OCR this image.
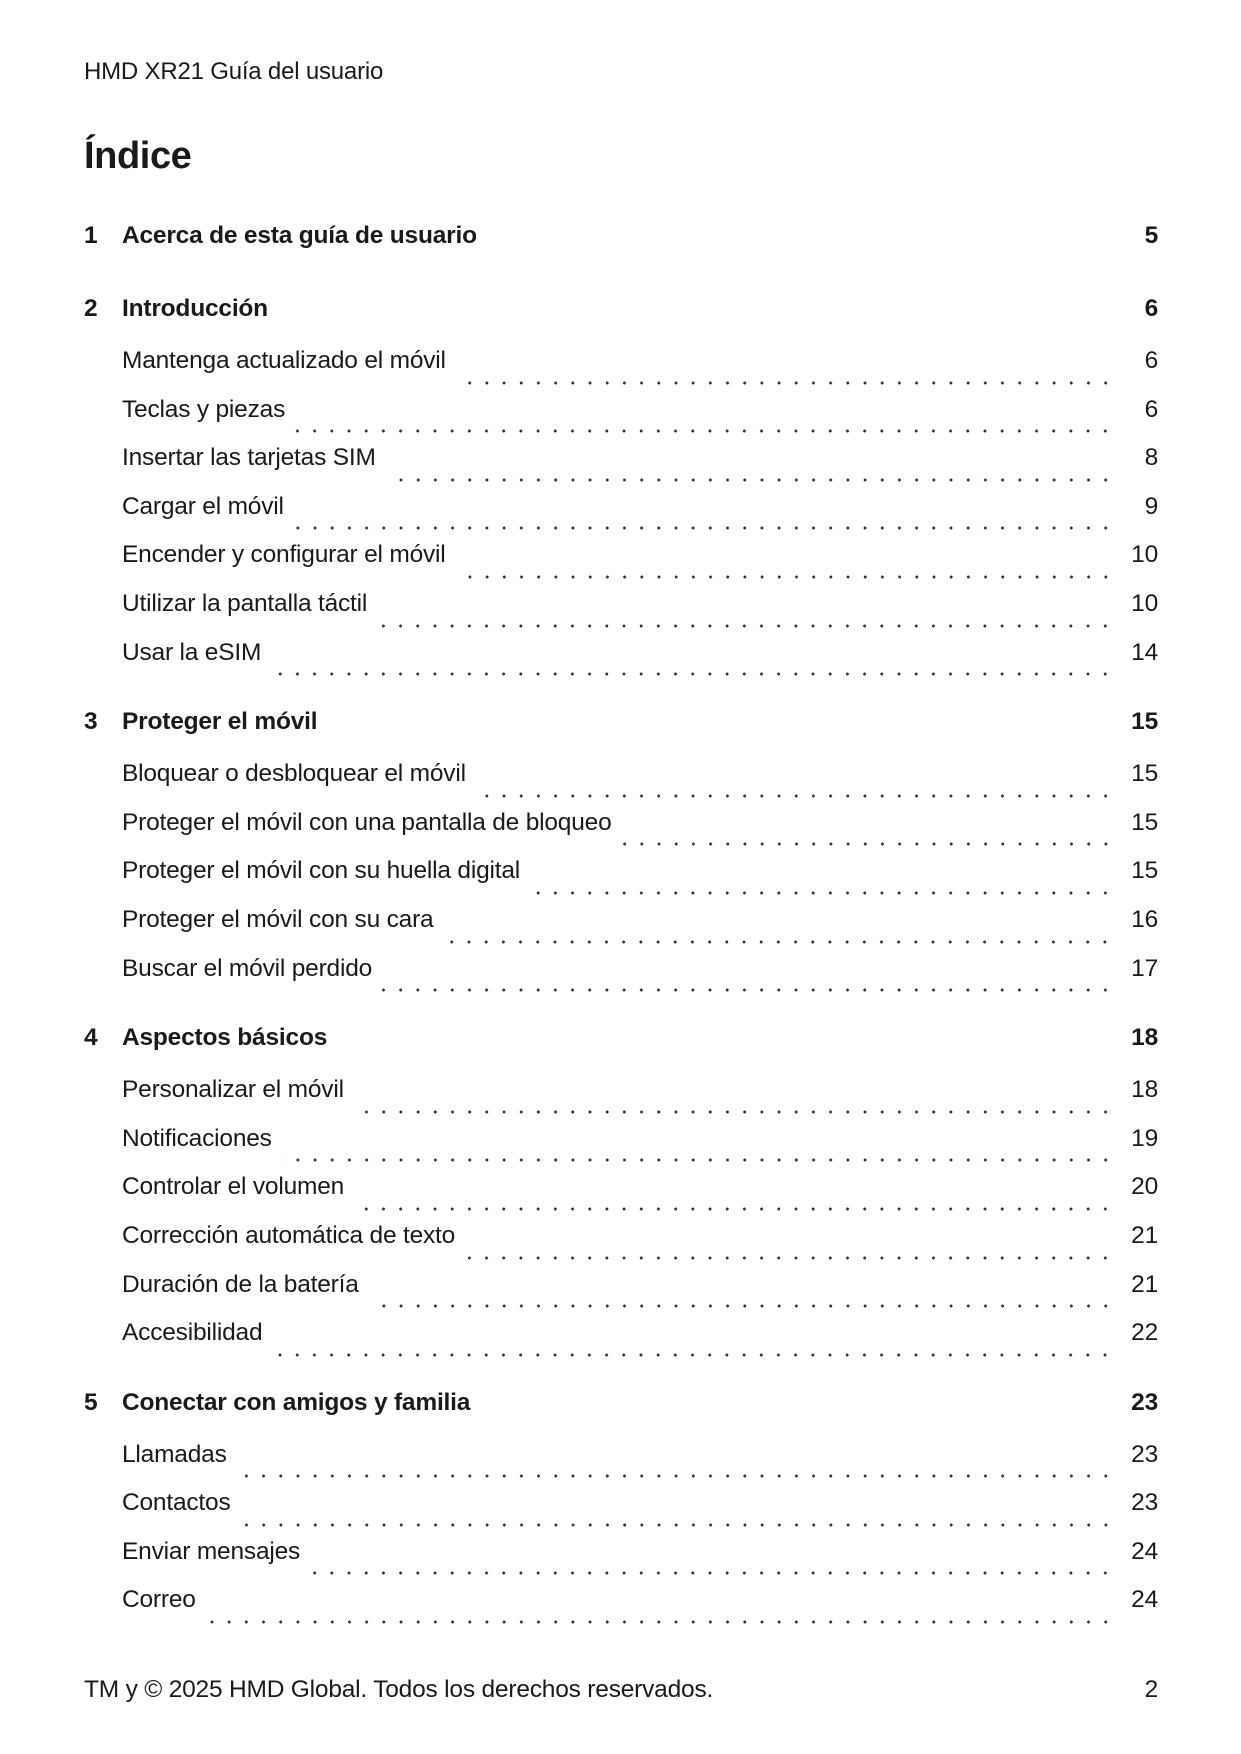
HMD XR21 Guía del usuario
Índice
1	Acerca de esta guía de usuario	5
2	Introducción	6
Mantenga actualizado el móvil	6
Teclas y piezas	6
Insertar las tarjetas SIM	8
Cargar el móvil	9
Encender y configurar el móvil	10
Utilizar la pantalla táctil	10
Usar la eSIM	14
3	Proteger el móvil	15
Bloquear o desbloquear el móvil	15
Proteger el móvil con una pantalla de bloqueo	15
Proteger el móvil con su huella digital	15
Proteger el móvil con su cara	16
Buscar el móvil perdido	17
4	Aspectos básicos	18
Personalizar el móvil	18
Notificaciones	19
Controlar el volumen	20
Corrección automática de texto	21
Duración de la batería	21
Accesibilidad	22
5	Conectar con amigos y familia	23
Llamadas	23
Contactos	23
Enviar mensajes	24
Correo	24
TM y © 2025 HMD Global. Todos los derechos reservados.	2
